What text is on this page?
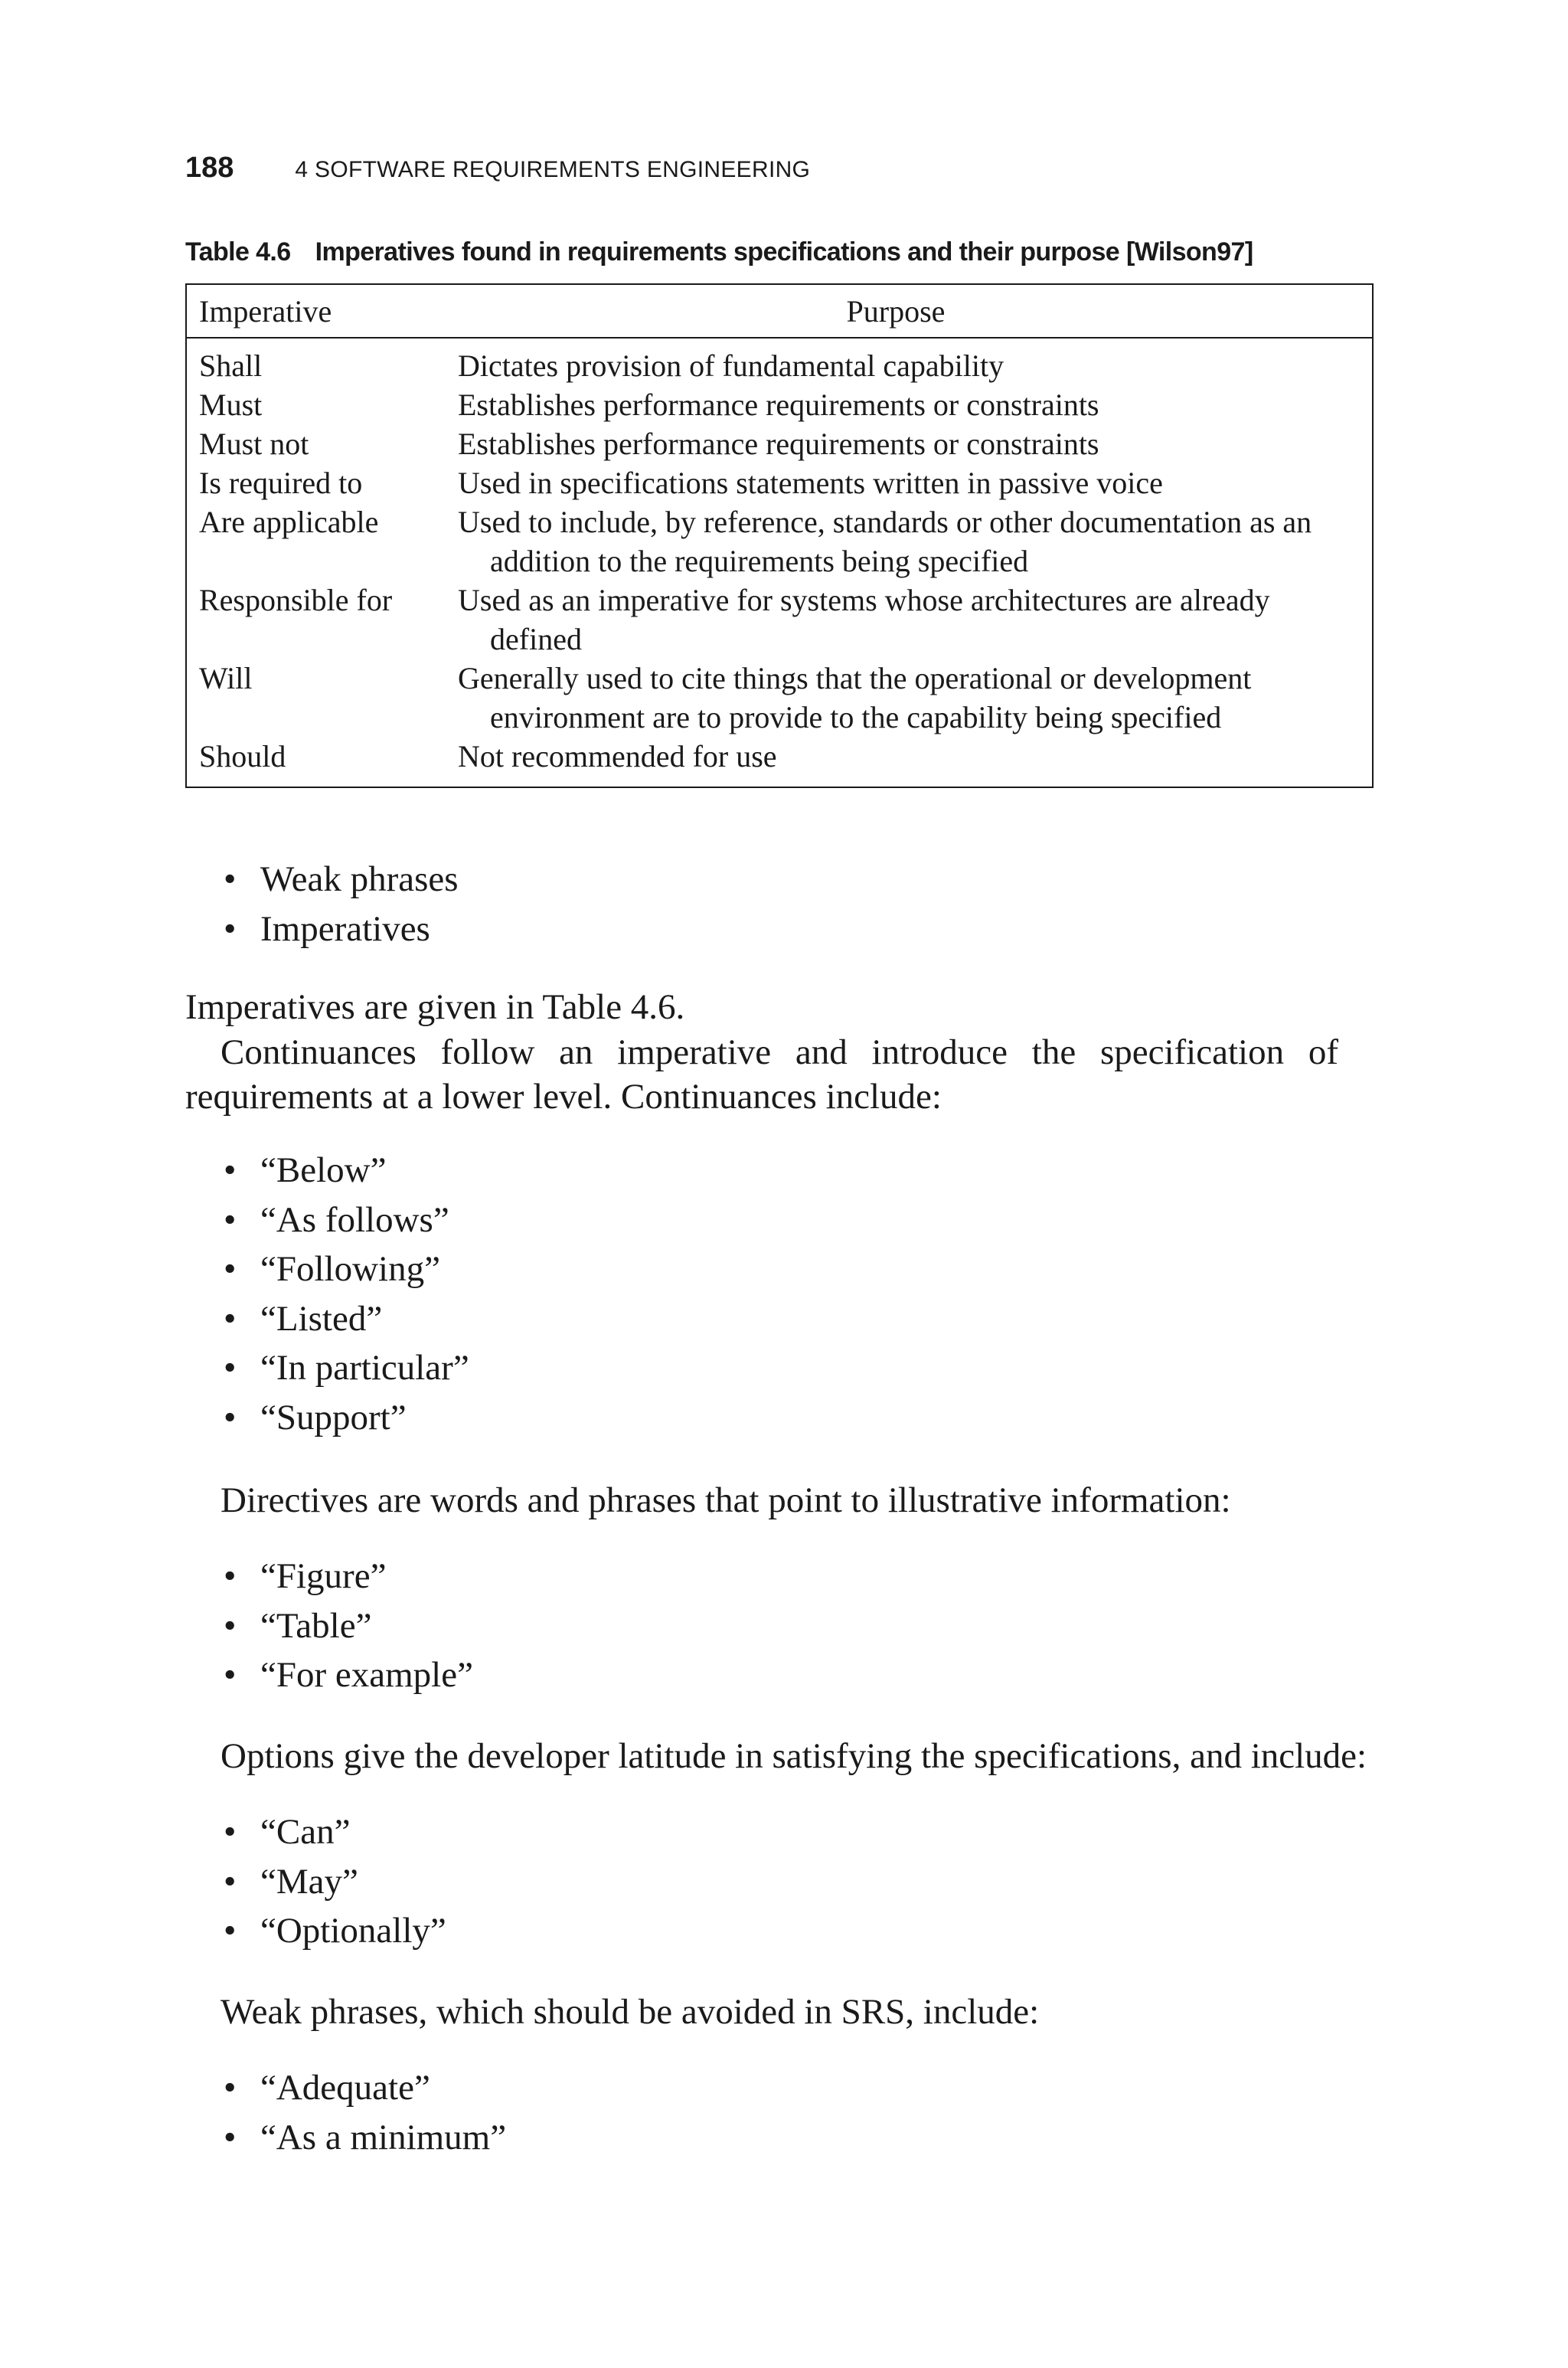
188	4 SOFTWARE REQUIREMENTS ENGINEERING
Table 4.6 Imperatives found in requirements specifications and their purpose [Wilson97]
Imperative	Purpose
Shall	Dictates provision of fundamental capability
Must	Establishes performance requirements or constraints
Must not	Establishes performance requirements or constraints
Is required to	Used in specifications statements written in passive voice
Are applicable	Used to include, by reference, standards or other documentation as an addition to the requirements being specified
Responsible for	Used as an imperative for systems whose architectures are already defined
Will	Generally used to cite things that the operational or development environment are to provide to the capability being specified
Should	Not recommended for use
• Weak phrases
• Imperatives
Imperatives are given in Table 4.6.
Continuances follow an imperative and introduce the specification of requirements at a lower level. Continuances include:
• “Below”
• “As follows”
• “Following”
• “Listed”
• “In particular”
• “Support”
Directives are words and phrases that point to illustrative information:
• “Figure”
• “Table”
• “For example”
Options give the developer latitude in satisfying the specifications, and include:
• “Can”
• “May”
• “Optionally”
Weak phrases, which should be avoided in SRS, include:
• “Adequate”
• “As a minimum”
